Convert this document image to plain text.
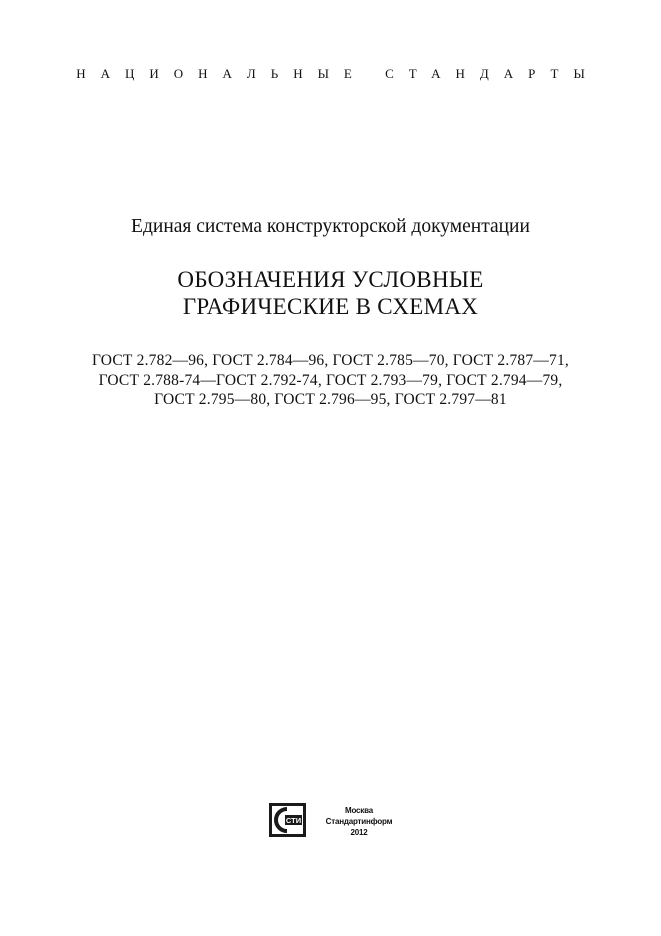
НАЦИОНАЛЬНЫЕ СТАНДАРТЫ
Единая система конструкторской документации
ОБОЗНАЧЕНИЯ УСЛОВНЫЕ
ГРАФИЧЕСКИЕ В СХЕМАХ
ГОСТ 2.782—96, ГОСТ 2.784—96, ГОСТ 2.785—70, ГОСТ 2.787—71,
ГОСТ 2.788-74—ГОСТ 2.792-74, ГОСТ 2.793—79, ГОСТ 2.794—79,
ГОСТ 2.795—80, ГОСТ 2.796—95, ГОСТ 2.797—81
СТИ
Москва
Стандартинформ
2012
